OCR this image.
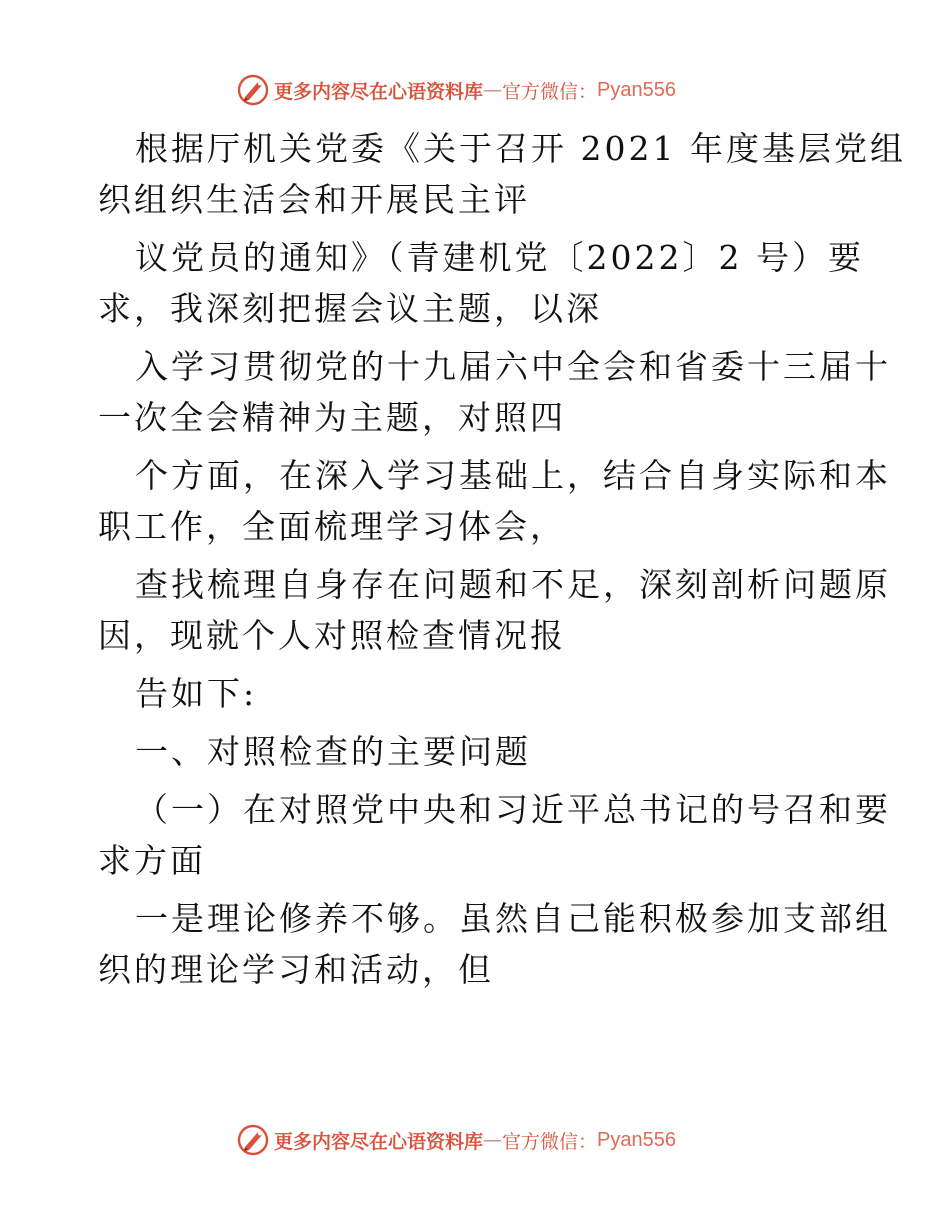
更多内容尽在心语资料库 — 官方微信： Pyan556

根据厅机关党委《关于召开 2021 年度基层党组
织组织生活会和开展民主评

议党员的通知》（青建机党〔2022〕2 号）要
求，我深刻把握会议主题，以深

入学习贯彻党的十九届六中全会和省委十三届十
一次全会精神为主题，对照四

个方面，在深入学习基础上，结合自身实际和本
职工作，全面梳理学习体会，

查找梳理自身存在问题和不足，深刻剖析问题原
因，现就个人对照检查情况报

告如下:

一、对照检查的主要问题

（一）在对照党中央和习近平总书记的号召和要
求方面

一是理论修养不够。虽然自己能积极参加支部组
织的理论学习和活动，但

更多内容尽在心语资料库 — 官方微信： Pyan556
